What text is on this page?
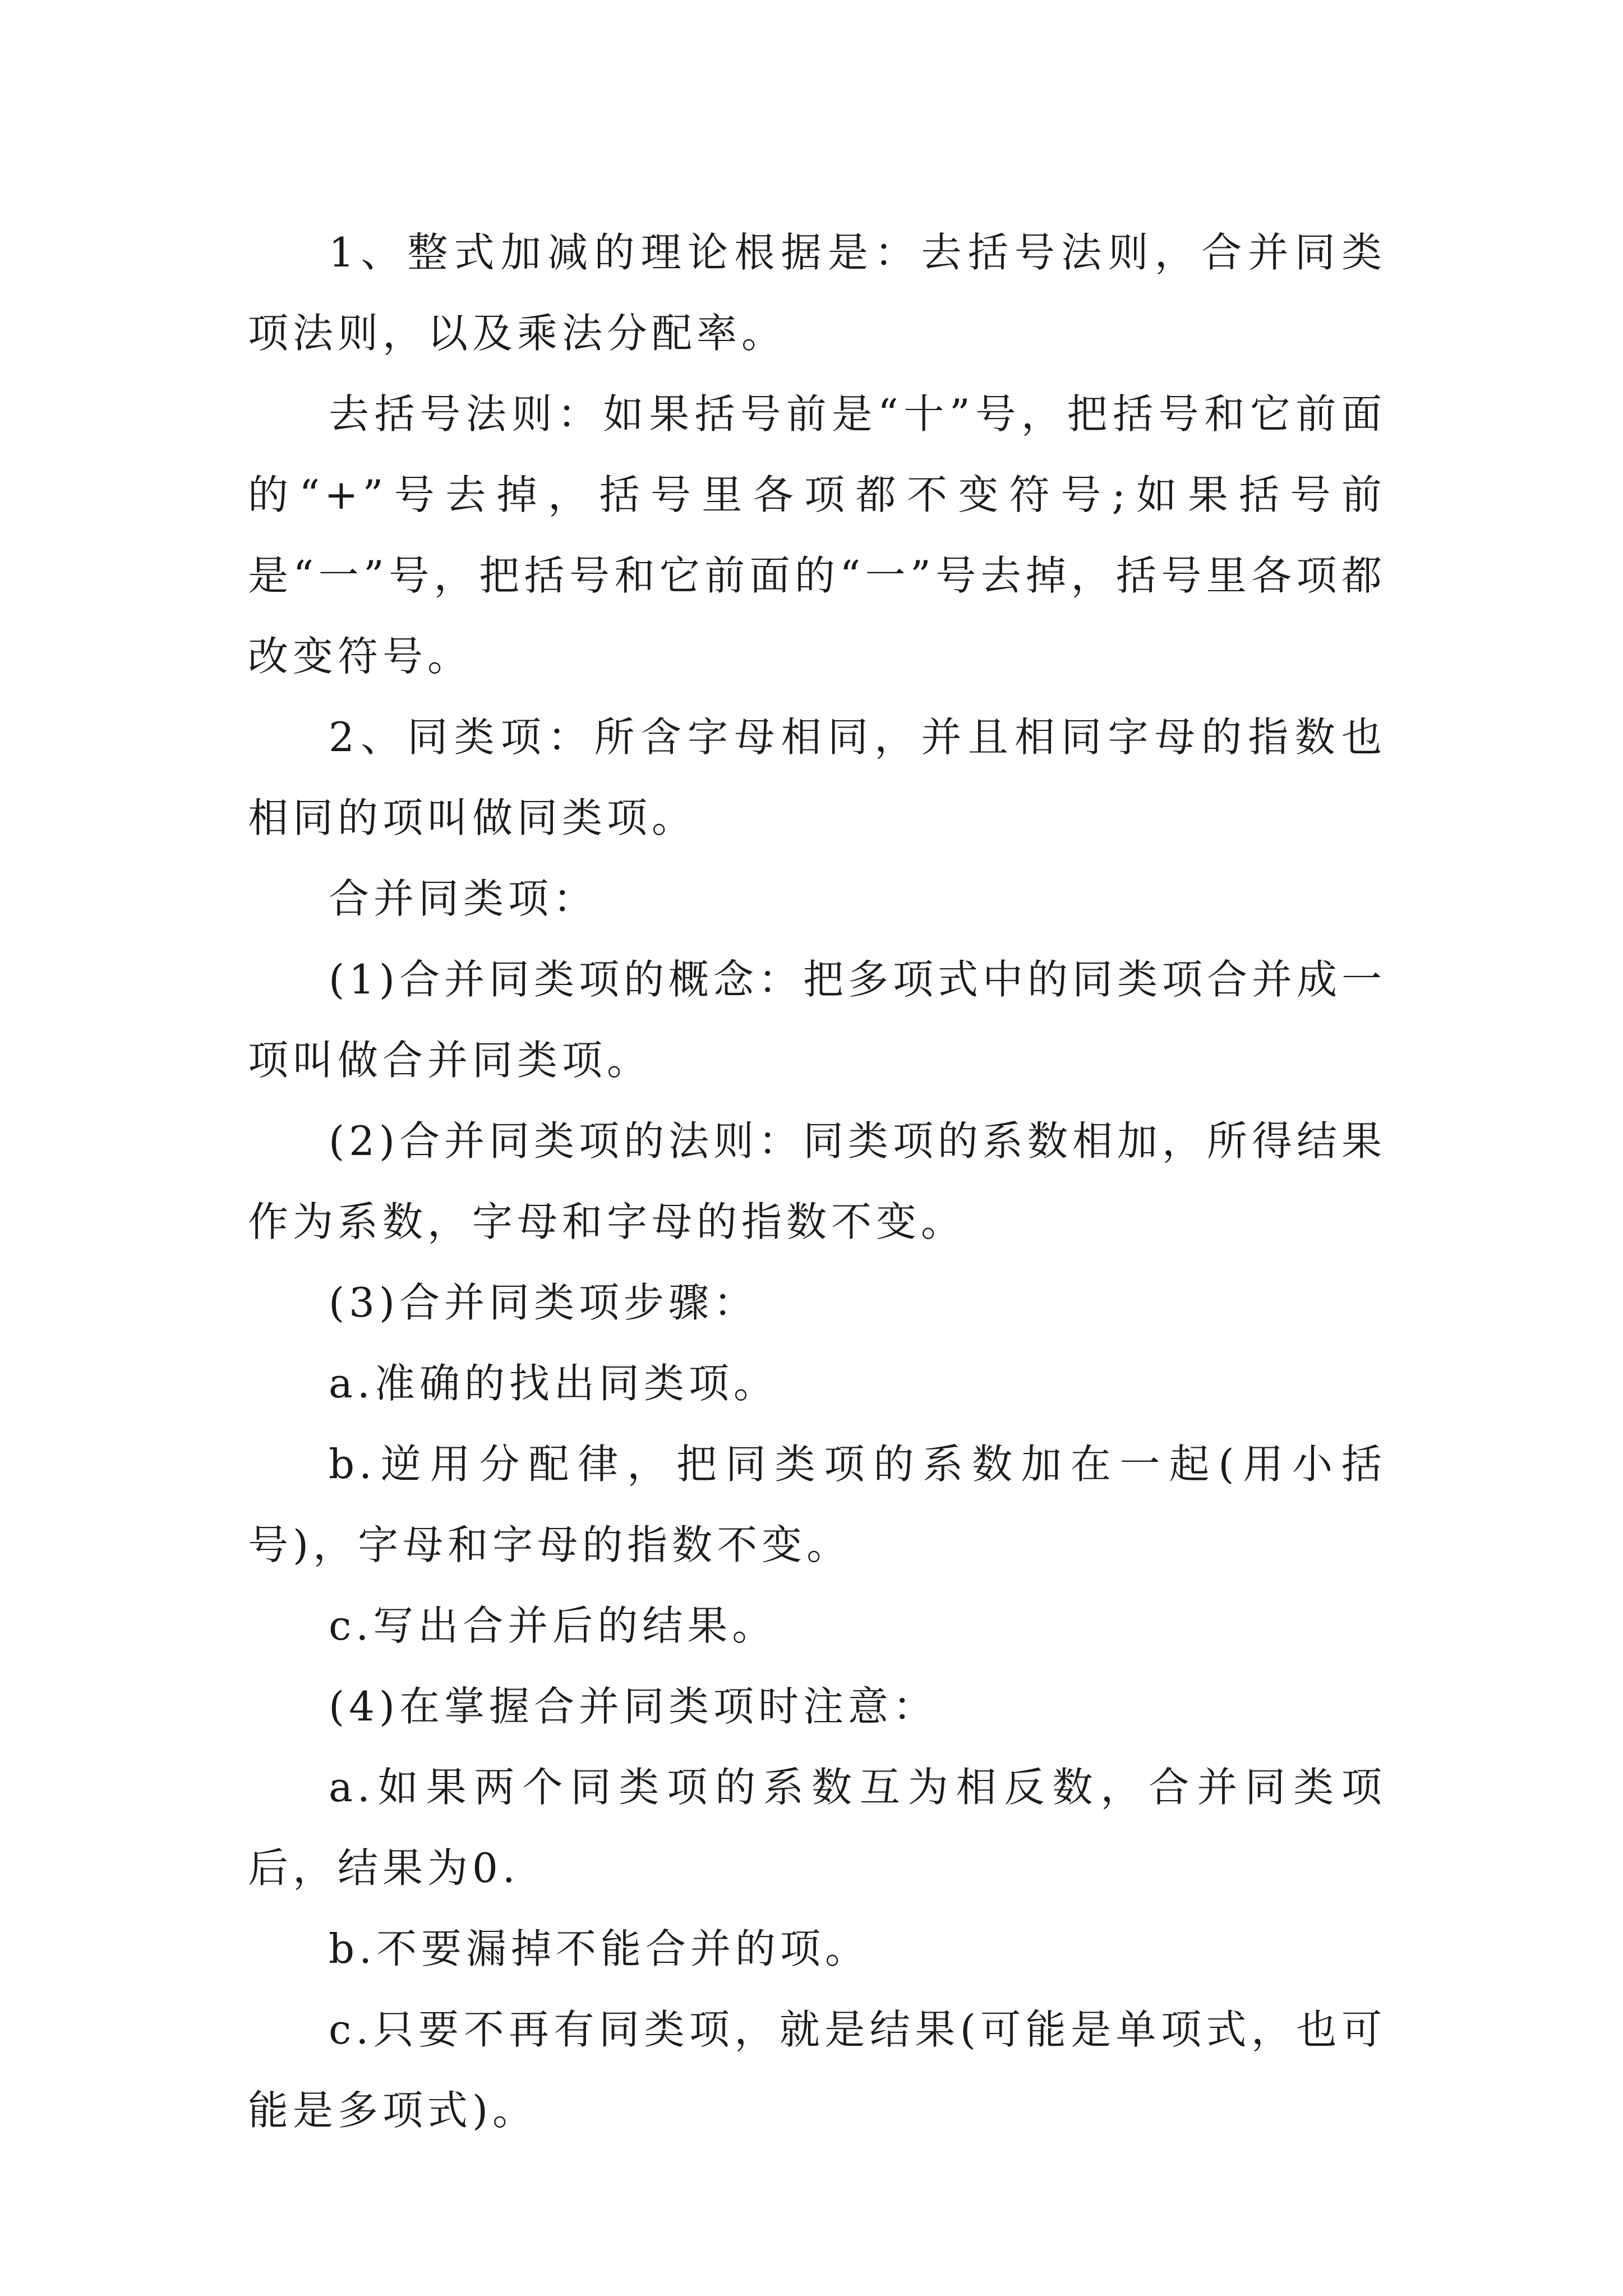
1、整式加减的理论根据是：去括号法则，合并同类项法则，以及乘法分配率。

去括号法则：如果括号前是“十”号，把括号和它前面的“+”号去掉，括号里各项都不变符号;如果括号前是“一”号，把括号和它前面的“一”号去掉，括号里各项都改变符号。

2、同类项：所含字母相同，并且相同字母的指数也相同的项叫做同类项。

合并同类项：

(1)合并同类项的概念：把多项式中的同类项合并成一项叫做合并同类项。

(2)合并同类项的法则：同类项的系数相加，所得结果作为系数，字母和字母的指数不变。

(3)合并同类项步骤：

a.准确的找出同类项。

b.逆用分配律，把同类项的系数加在一起(用小括号)，字母和字母的指数不变。

c.写出合并后的结果。

(4)在掌握合并同类项时注意：

a.如果两个同类项的系数互为相反数，合并同类项后，结果为0.

b.不要漏掉不能合并的项。

c.只要不再有同类项，就是结果(可能是单项式，也可能是多项式)。
